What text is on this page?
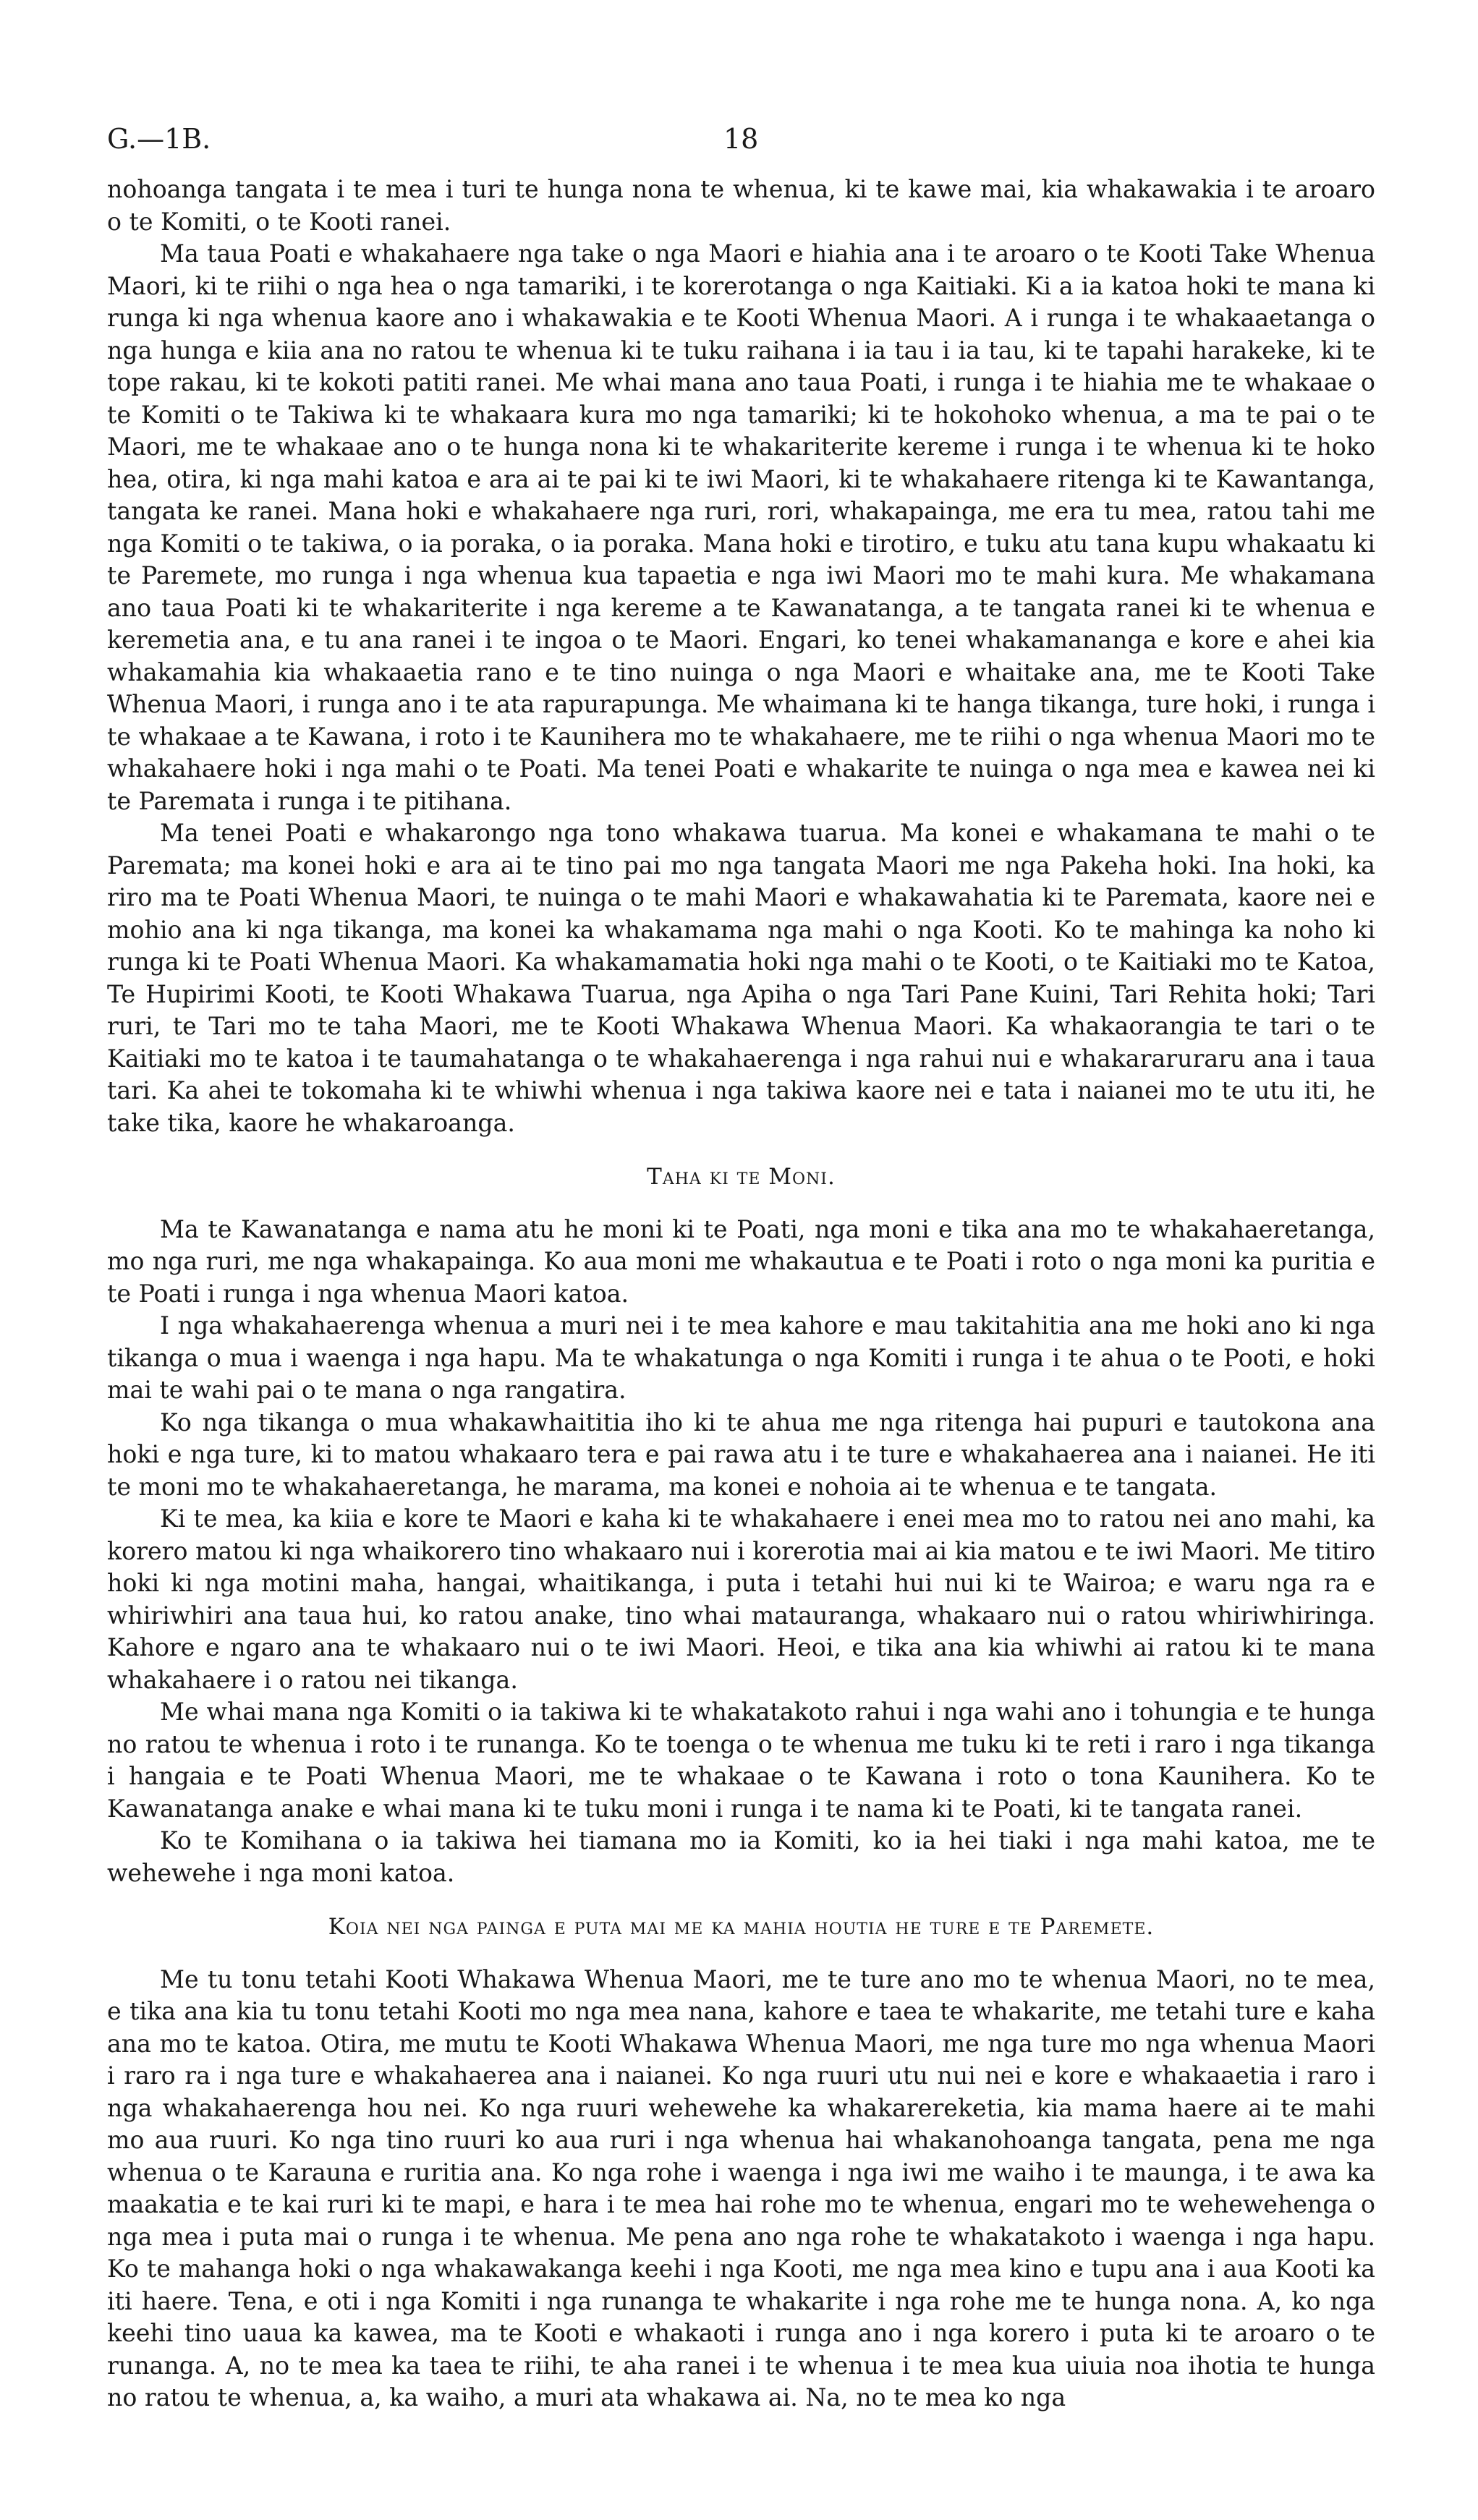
G.—1B.	18

nohoanga tangata i te mea i turi te hunga nona te whenua, ki te kawe mai, kia whakawakia i te aroaro o te Komiti, o te Kooti ranei.

Ma taua Poati e whakahaere nga take o nga Maori e hiahia ana i te aroaro o te Kooti Take Whenua Maori, ki te riihi o nga hea o nga tamariki, i te korerotanga o nga Kaitiaki. Ki a ia katoa hoki te mana ki runga ki nga whenua kaore ano i whakawakia e te Kooti Whenua Maori. A i runga i te whakaaetanga o nga hunga e kiia ana no ratou te whenua ki te tuku raihana i ia tau i ia tau, ki te tapahi harakeke, ki te tope rakau, ki te kokoti patiti ranei. Me whai mana ano taua Poati, i runga i te hiahia me te whakaae o te Komiti o te Takiwa ki te whakaara kura mo nga tamariki; ki te hokohoko whenua, a ma te pai o te Maori, me te whakaae ano o te hunga nona ki te whakariterite kereme i runga i te whenua ki te hoko hea, otira, ki nga mahi katoa e ara ai te pai ki te iwi Maori, ki te whakahaere ritenga ki te Kawantanga, tangata ke ranei. Mana hoki e whakahaere nga ruri, rori, whakapainga, me era tu mea, ratou tahi me nga Komiti o te takiwa, o ia poraka, o ia poraka. Mana hoki e tirotiro, e tuku atu tana kupu whakaatu ki te Paremete, mo runga i nga whenua kua tapaetia e nga iwi Maori mo te mahi kura. Me whakamana ano taua Poati ki te whakariterite i nga kereme a te Kawanatanga, a te tangata ranei ki te whenua e keremetia ana, e tu ana ranei i te ingoa o te Maori. Engari, ko tenei whakamananga e kore e ahei kia whakamahia kia whakaaetia rano e te tino nuinga o nga Maori e whaitake ana, me te Kooti Take Whenua Maori, i runga ano i te ata rapurapunga. Me whaimana ki te hanga tikanga, ture hoki, i runga i te whakaae a te Kawana, i roto i te Kaunihera mo te whakahaere, me te riihi o nga whenua Maori mo te whakahaere hoki i nga mahi o te Poati. Ma tenei Poati e whakarite te nuinga o nga mea e kawea nei ki te Paremata i runga i te pitihana.

Ma tenei Poati e whakarongo nga tono whakawa tuarua. Ma konei e whakamana te mahi o te Paremata; ma konei hoki e ara ai te tino pai mo nga tangata Maori me nga Pakeha hoki. Ina hoki, ka riro ma te Poati Whenua Maori, te nuinga o te mahi Maori e whakawahatia ki te Paremata, kaore nei e mohio ana ki nga tikanga, ma konei ka whakamama nga mahi o nga Kooti. Ko te mahinga ka noho ki runga ki te Poati Whenua Maori. Ka whakamamatia hoki nga mahi o te Kooti, o te Kaitiaki mo te Katoa, Te Hupirimi Kooti, te Kooti Whakawa Tuarua, nga Apiha o nga Tari Pane Kuini, Tari Rehita hoki; Tari ruri, te Tari mo te taha Maori, me te Kooti Whakawa Whenua Maori. Ka whakaorangia te tari o te Kaitiaki mo te katoa i te taumahatanga o te whakahaerenga i nga rahui nui e whakararuraru ana i taua tari. Ka ahei te tokomaha ki te whiwhi whenua i nga takiwa kaore nei e tata i naianei mo te utu iti, he take tika, kaore he whakaroanga.

Taha ki te Moni.

Ma te Kawanatanga e nama atu he moni ki te Poati, nga moni e tika ana mo te whakahaeretanga, mo nga ruri, me nga whakapainga. Ko aua moni me whakautua e te Poati i roto o nga moni ka puritia e te Poati i runga i nga whenua Maori katoa.

I nga whakahaerenga whenua a muri nei i te mea kahore e mau takitahitia ana me hoki ano ki nga tikanga o mua i waenga i nga hapu. Ma te whakatunga o nga Komiti i runga i te ahua o te Pooti, e hoki mai te wahi pai o te mana o nga rangatira.

Ko nga tikanga o mua whakawhaititia iho ki te ahua me nga ritenga hai pupuri e tautokona ana hoki e nga ture, ki to matou whakaaro tera e pai rawa atu i te ture e whakahaerea ana i naianei. He iti te moni mo te whakahaeretanga, he marama, ma konei e nohoia ai te whenua e te tangata.

Ki te mea, ka kiia e kore te Maori e kaha ki te whakahaere i enei mea mo to ratou nei ano mahi, ka korero matou ki nga whaikorero tino whakaaro nui i korerotia mai ai kia matou e te iwi Maori. Me titiro hoki ki nga motini maha, hangai, whaitikanga, i puta i tetahi hui nui ki te Wairoa; e waru nga ra e whiriwhiri ana taua hui, ko ratou anake, tino whai matauranga, whakaaro nui o ratou whiriwhiringa. Kahore e ngaro ana te whakaaro nui o te iwi Maori. Heoi, e tika ana kia whiwhi ai ratou ki te mana whakahaere i o ratou nei tikanga.

Me whai mana nga Komiti o ia takiwa ki te whakatakoto rahui i nga wahi ano i tohungia e te hunga no ratou te whenua i roto i te runanga. Ko te toenga o te whenua me tuku ki te reti i raro i nga tikanga i hangaia e te Poati Whenua Maori, me te whakaae o te Kawana i roto o tona Kaunihera. Ko te Kawanatanga anake e whai mana ki te tuku moni i runga i te nama ki te Poati, ki te tangata ranei.

Ko te Komihana o ia takiwa hei tiamana mo ia Komiti, ko ia hei tiaki i nga mahi katoa, me te wehewehe i nga moni katoa.

Koia nei nga painga e puta mai me ka mahia houtia he ture e te Paremete.

Me tu tonu tetahi Kooti Whakawa Whenua Maori, me te ture ano mo te whenua Maori, no te mea, e tika ana kia tu tonu tetahi Kooti mo nga mea nana, kahore e taea te whakarite, me tetahi ture e kaha ana mo te katoa. Otira, me mutu te Kooti Whakawa Whenua Maori, me nga ture mo nga whenua Maori i raro ra i nga ture e whakahaerea ana i naianei. Ko nga ruuri utu nui nei e kore e whakaaetia i raro i nga whakahaerenga hou nei. Ko nga ruuri wehewehe ka whakarereketia, kia mama haere ai te mahi mo aua ruuri. Ko nga tino ruuri ko aua ruri i nga whenua hai whakanohoanga tangata, pena me nga whenua o te Karauna e ruritia ana. Ko nga rohe i waenga i nga iwi me waiho i te maunga, i te awa ka maakatia e te kai ruri ki te mapi, e hara i te mea hai rohe mo te whenua, engari mo te wehewehenga o nga mea i puta mai o runga i te whenua. Me pena ano nga rohe te whakatakoto i waenga i nga hapu. Ko te mahanga hoki o nga whakawakanga keehi i nga Kooti, me nga mea kino e tupu ana i aua Kooti ka iti haere. Tena, e oti i nga Komiti i nga runanga te whakarite i nga rohe me te hunga nona. A, ko nga keehi tino uaua ka kawea, ma te Kooti e whakaoti i runga ano i nga korero i puta ki te aroaro o te runanga. A, no te mea ka taea te riihi, te aha ranei i te whenua i te mea kua uiuia noa ihotia te hunga no ratou te whenua, a, ka waiho, a muri ata whakawa ai. Na, no te mea ko nga
